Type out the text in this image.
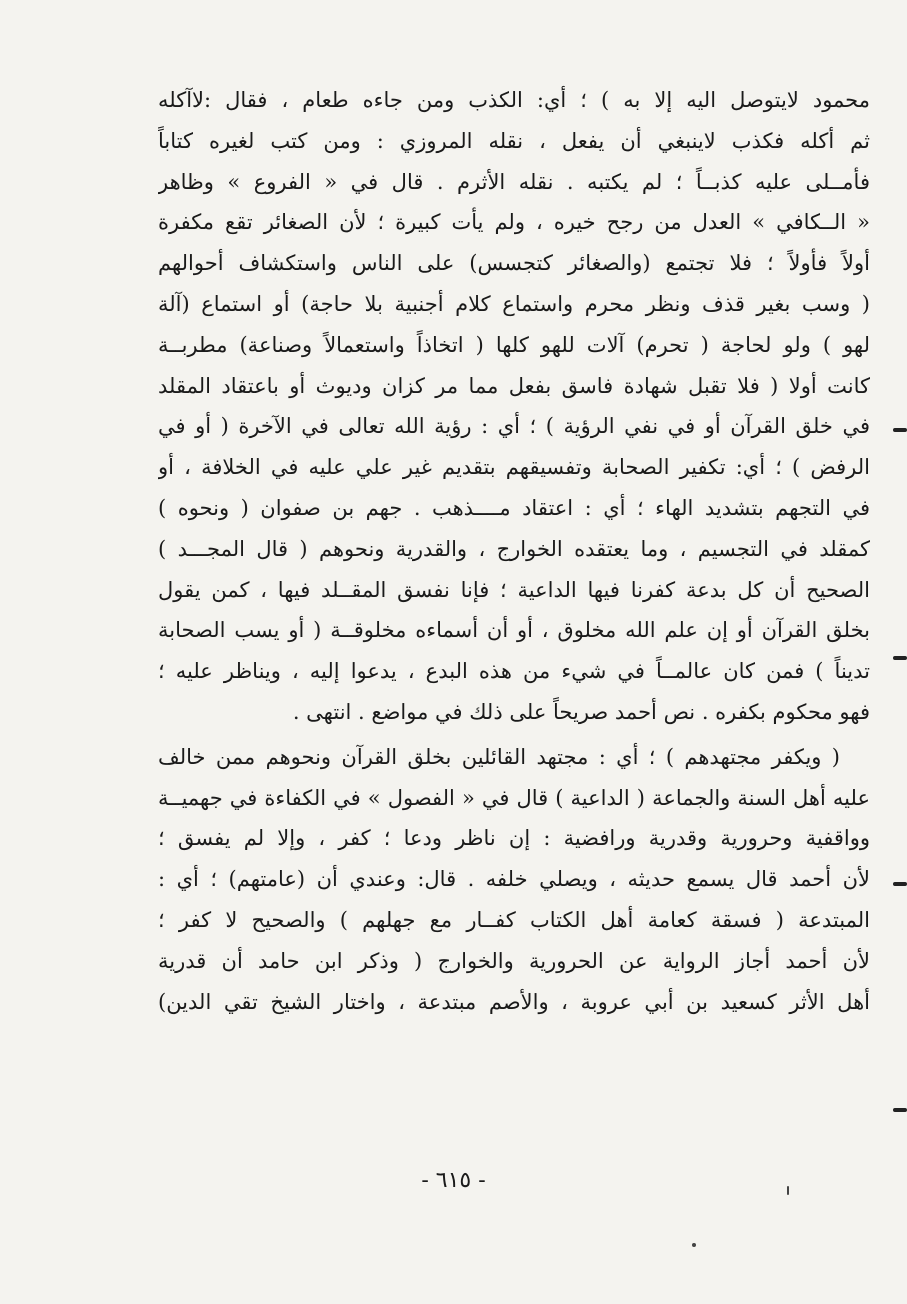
محمود لايتوصل اليه إلا به ) ؛ أي: الكذب ومن جاءه طعام ، فقال :لاآكله
ثم أكله فكذب لاينبغي أن يفعل ، نقله المروزي : ومن كتب لغيره كتاباً
فأمــلى عليه كذبــاً ؛ لم يكتبه . نقله الأثرم . قال في « الفروع » وظاهر
« الــكافي » العدل من رجح خيره ، ولم يأت كبيرة ؛ لأن الصغائر تقع مكفرة
أولاً فأولاً ؛ فلا تجتمع (والصغائر كتجسس) على الناس واستكشاف أحوالهم
( وسب بغير قذف ونظر محرم واستماع كلام أجنبية بلا حاجة) أو استماع (آلة
لهو ) ولو لحاجة ( تحرم) آلات للهو كلها ( اتخاذاً واستعمالاً وصناعة) مطربــة
كانت أولا ( فلا تقبل شهادة فاسق بفعل مما مر كزان وديوث أو باعتقاد المقلد
في خلق القرآن أو في نفي الرؤية ) ؛ أي : رؤية الله تعالى في الآخرة ( أو في
الرفض ) ؛ أي: تكفير الصحابة وتفسيقهم بتقديم غير علي عليه في الخلافة ، أو
في التجهم بتشديد الهاء ؛ أي : اعتقاد مــــذهب . جهم بن صفوان ( ونحوه )
كمقلد في التجسيم ، وما يعتقده الخوارج ، والقدرية ونحوهم ( قال المجـــد )
الصحيح أن كل بدعة كفرنا فيها الداعية ؛ فإنا نفسق المقــلد فيها ، كمن يقول
بخلق القرآن أو إن علم الله مخلوق ، أو أن أسماءه مخلوقــة ( أو يسب الصحابة
تديناً ) فمن كان عالمــاً في شيء من هذه البدع ، يدعوا إليه ، ويناظر عليه ؛
فهو محكوم بكفره . نص أحمد صريحاً على ذلك في مواضع . انتهى .
( ويكفر مجتهدهم ) ؛ أي : مجتهد القائلين بخلق القرآن ونحوهم ممن خالف
عليه أهل السنة والجماعة ( الداعية ) قال في « الفصول » في الكفاءة في جهميــة
وواقفية وحرورية وقدرية ورافضية : إن ناظر ودعا ؛ كفر ، وإلا لم يفسق ؛
لأن أحمد قال يسمع حديثه ، ويصلي خلفه . قال: وعندي أن (عامتهم) ؛ أي :
المبتدعة ( فسقة كعامة أهل الكتاب كفــار مع جهلهم ) والصحيح لا كفر ؛
لأن أحمد أجاز الرواية عن الحرورية والخوارج ( وذكر ابن حامد أن قدرية
أهل الأثر كسعيد بن أبي عروبة ، والأصم مبتدعة ، واختار الشيخ تقي الدين)
- ٦١٥ -
